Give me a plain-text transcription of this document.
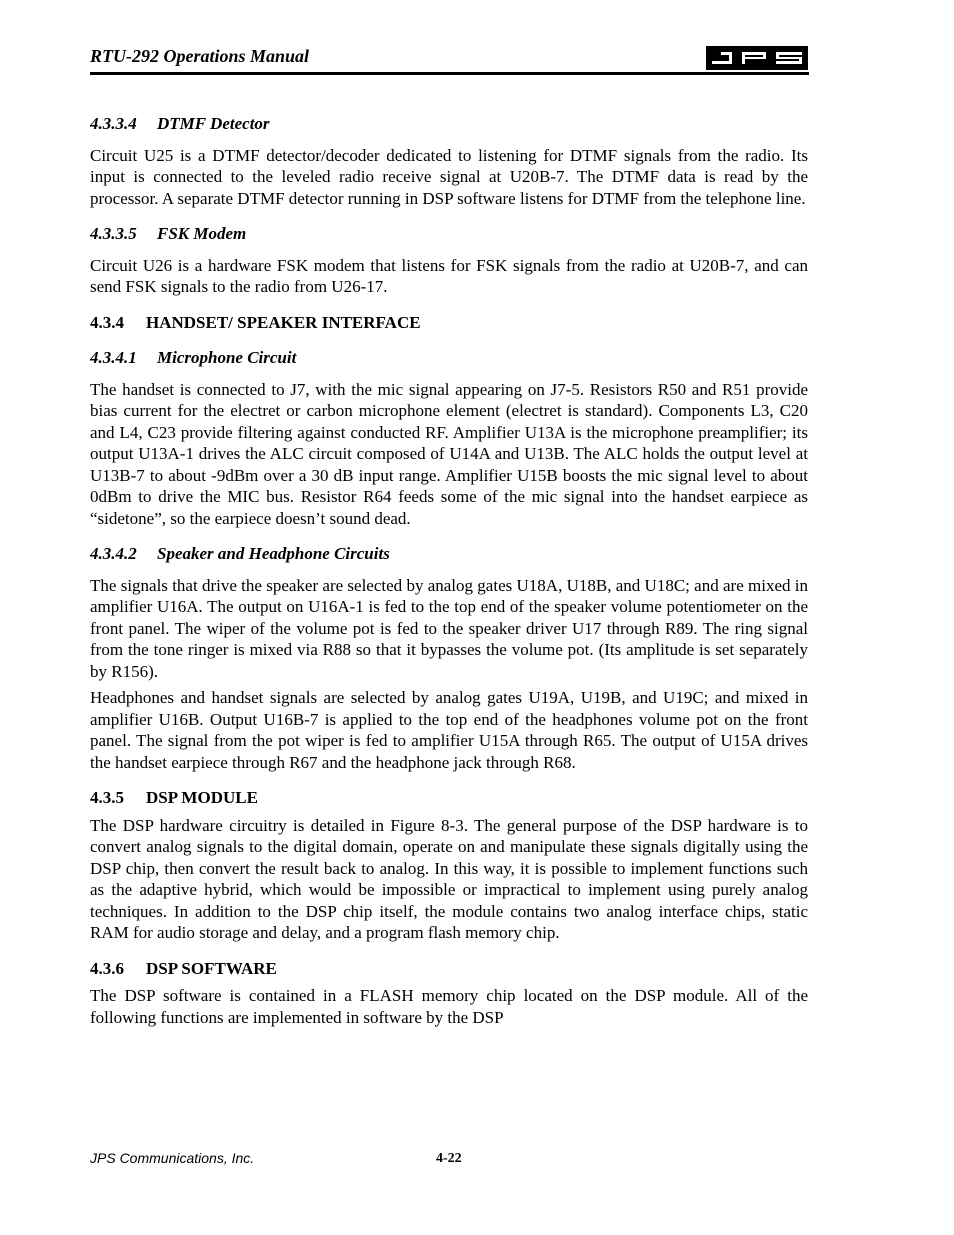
RTU-292 Operations Manual
4.3.3.4 DTMF Detector

Circuit U25 is a DTMF detector/decoder dedicated to listening for DTMF signals from the radio. Its input is connected to the leveled radio receive signal at U20B-7. The DTMF data is read by the processor. A separate DTMF detector running in DSP software listens for DTMF from the telephone line.

4.3.3.5 FSK Modem

Circuit U26 is a hardware FSK modem that listens for FSK signals from the radio at U20B-7, and can send FSK signals to the radio from U26-17.

4.3.4 HANDSET/ SPEAKER INTERFACE
4.3.4.1 Microphone Circuit

The handset is connected to J7, with the mic signal appearing on J7-5. Resistors R50 and R51 provide bias current for the electret or carbon microphone element (electret is standard). Components L3, C20 and L4, C23 provide filtering against conducted RF. Amplifier U13A is the microphone preamplifier; its output U13A-1 drives the ALC circuit composed of U14A and U13B. The ALC holds the output level at U13B-7 to about -9dBm over a 30 dB input range. Amplifier U15B boosts the mic signal level to about 0dBm to drive the MIC bus. Resistor R64 feeds some of the mic signal into the handset earpiece as “sidetone”, so the earpiece doesn’t sound dead.

4.3.4.2 Speaker and Headphone Circuits

The signals that drive the speaker are selected by analog gates U18A, U18B, and U18C; and are mixed in amplifier U16A. The output on U16A-1 is fed to the top end of the speaker volume potentiometer on the front panel. The wiper of the volume pot is fed to the speaker driver U17 through R89. The ring signal from the tone ringer is mixed via R88 so that it bypasses the volume pot. (Its amplitude is set separately by R156).

Headphones and handset signals are selected by analog gates U19A, U19B, and U19C; and mixed in amplifier U16B. Output U16B-7 is applied to the top end of the headphones volume pot on the front panel. The signal from the pot wiper is fed to amplifier U15A through R65. The output of U15A drives the handset earpiece through R67 and the headphone jack through R68.

4.3.5 DSP MODULE

The DSP hardware circuitry is detailed in Figure 8-3. The general purpose of the DSP hardware is to convert analog signals to the digital domain, operate on and manipulate these signals digitally using the DSP chip, then convert the result back to analog. In this way, it is possible to implement functions such as the adaptive hybrid, which would be impossible or impractical to implement using purely analog techniques. In addition to the DSP chip itself, the module contains two analog interface chips, static RAM for audio storage and delay, and a program flash memory chip.

4.3.6 DSP SOFTWARE

The DSP software is contained in a FLASH memory chip located on the DSP module. All of the following functions are implemented in software by the DSP

JPS Communications, Inc.	4-22
